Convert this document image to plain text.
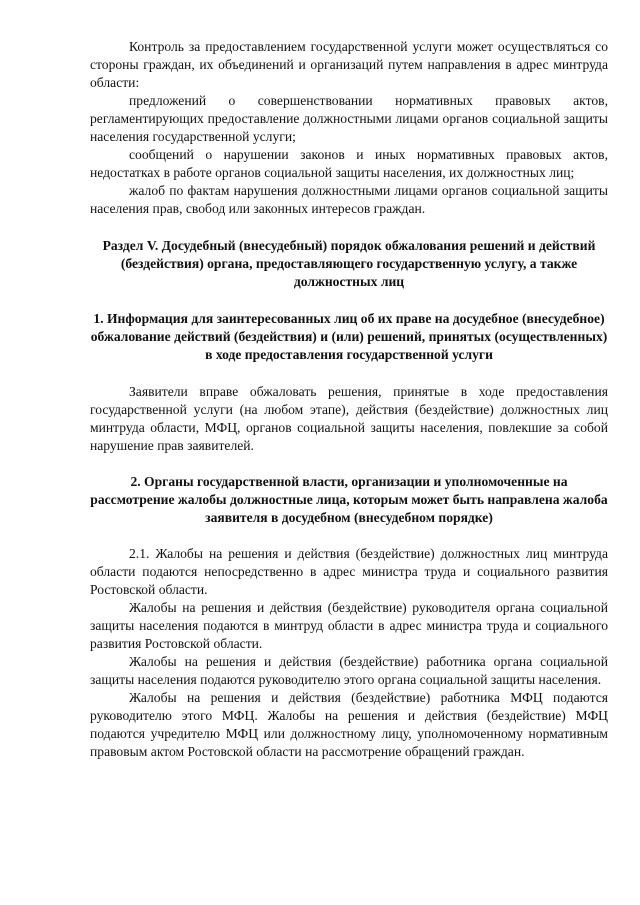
Контроль за предоставлением государственной услуги может осуществляться со стороны граждан, их объединений и организаций путем направления в адрес минтруда области:

предложений о совершенствовании нормативных правовых актов, регламентирующих предоставление должностными лицами органов социальной защиты населения государственной услуги;

сообщений о нарушении законов и иных нормативных правовых актов, недостатках в работе органов социальной защиты населения, их должностных лиц;

жалоб по фактам нарушения должностными лицами органов социальной защиты населения прав, свобод или законных интересов граждан.

Раздел V. Досудебный (внесудебный) порядок обжалования решений и действий (бездействия) органа, предоставляющего государственную услугу, а также должностных лиц

1. Информация для заинтересованных лиц об их праве на досудебное (внесудебное) обжалование действий (бездействия) и (или) решений, принятых (осуществленных) в ходе предоставления государственной услуги

Заявители вправе обжаловать решения, принятые в ходе предоставления государственной услуги (на любом этапе), действия (бездействие) должностных лиц минтруда области, МФЦ, органов социальной защиты населения, повлекшие за собой нарушение прав заявителей.

2. Органы государственной власти, организации и уполномоченные на рассмотрение жалобы должностные лица, которым может быть направлена жалоба заявителя в досудебном (внесудебном порядке)

2.1. Жалобы на решения и действия (бездействие) должностных лиц минтруда области подаются непосредственно в адрес министра труда и социального развития Ростовской области.

Жалобы на решения и действия (бездействие) руководителя органа социальной защиты населения подаются в минтруд области в адрес министра труда и социального развития Ростовской области.

Жалобы на решения и действия (бездействие) работника органа социальной защиты населения подаются руководителю этого органа социальной защиты населения.

Жалобы на решения и действия (бездействие) работника МФЦ подаются руководителю этого МФЦ. Жалобы на решения и действия (бездействие) МФЦ подаются учредителю МФЦ или должностному лицу, уполномоченному нормативным правовым актом Ростовской области на рассмотрение обращений граждан.
